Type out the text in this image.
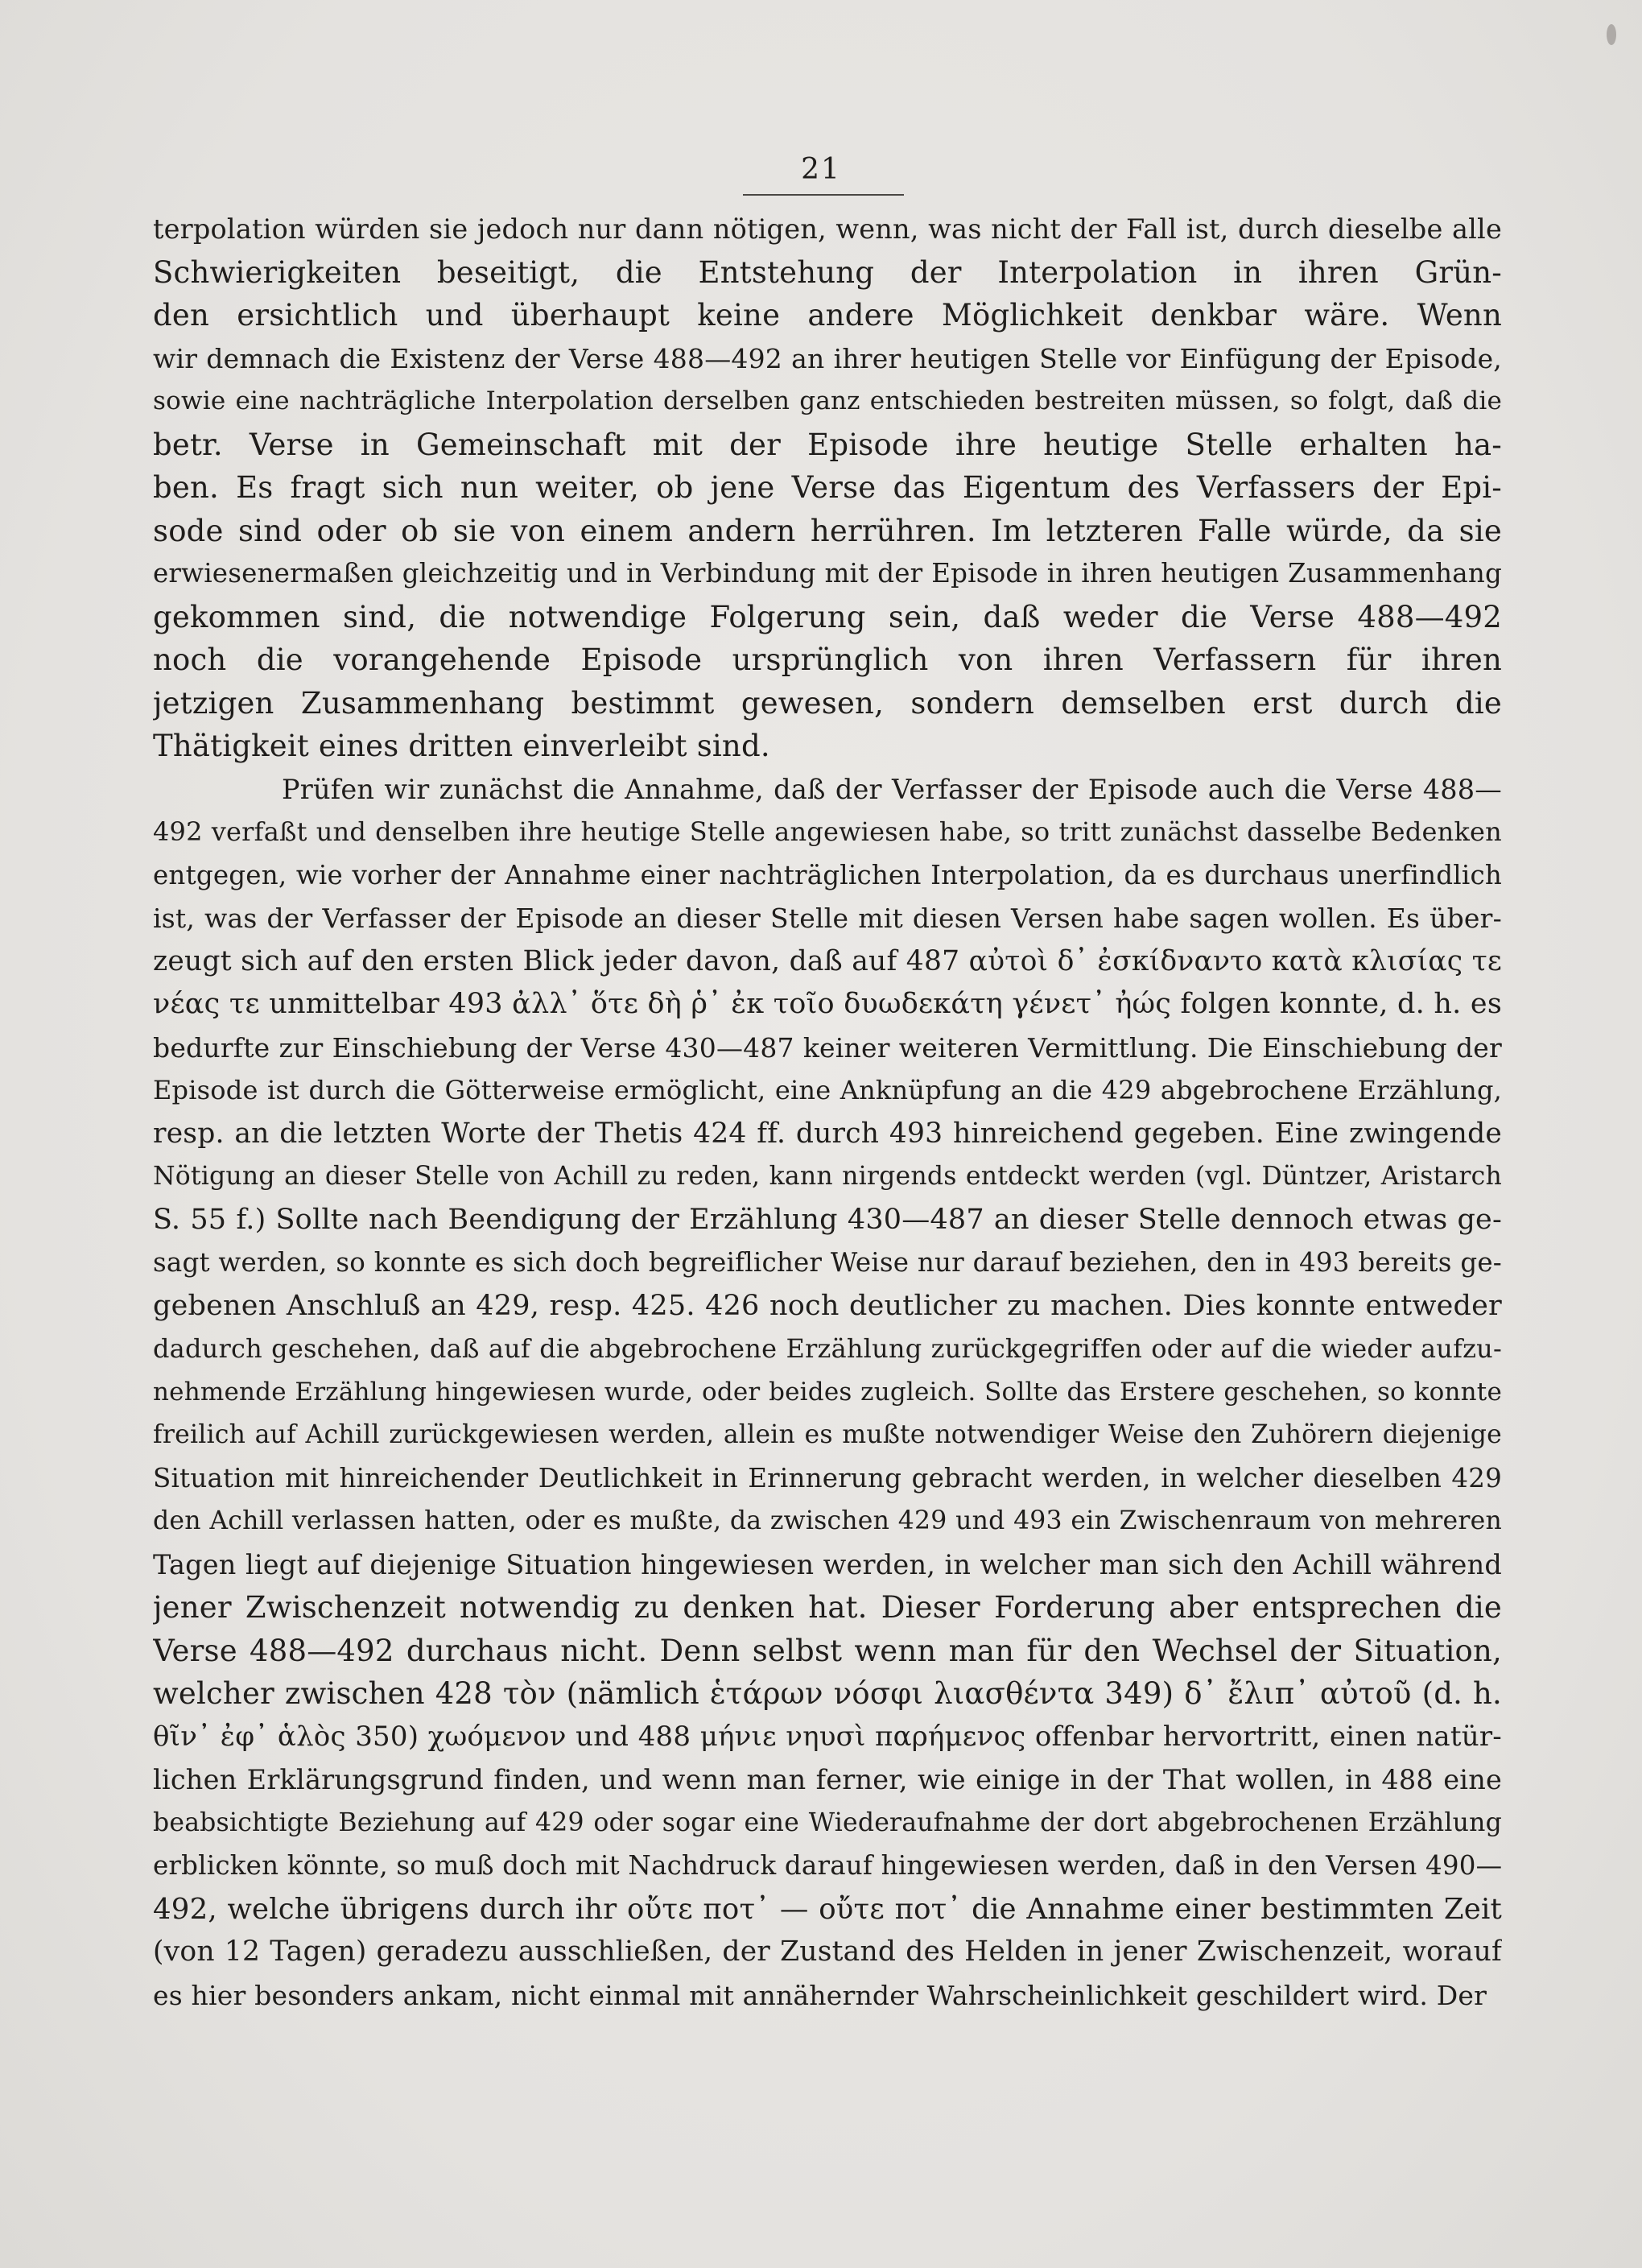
21
terpolation würden sie jedoch nur dann nötigen, wenn, was nicht der Fall ist, durch dieselbe alle
Schwierigkeiten beseitigt, die Entstehung der Interpolation in ihren Grün-
den ersichtlich und überhaupt keine andere Möglichkeit denkbar wäre. Wenn
wir demnach die Existenz der Verse 488—492 an ihrer heutigen Stelle vor Einfügung der Episode,
sowie eine nachträgliche Interpolation derselben ganz entschieden bestreiten müssen, so folgt, daß die
betr. Verse in Gemeinschaft mit der Episode ihre heutige Stelle erhalten ha-
ben. Es fragt sich nun weiter, ob jene Verse das Eigentum des Verfassers der Epi-
sode sind oder ob sie von einem andern herrühren. Im letzteren Falle würde, da sie
erwiesenermaßen gleichzeitig und in Verbindung mit der Episode in ihren heutigen Zusammenhang
gekommen sind, die notwendige Folgerung sein, daß weder die Verse 488—492
noch die vorangehende Episode ursprünglich von ihren Verfassern für ihren
jetzigen Zusammenhang bestimmt gewesen, sondern demselben erst durch die
Thätigkeit eines dritten einverleibt sind.
Prüfen wir zunächst die Annahme, daß der Verfasser der Episode auch die Verse 488—
492 verfaßt und denselben ihre heutige Stelle angewiesen habe, so tritt zunächst dasselbe Bedenken
entgegen, wie vorher der Annahme einer nachträglichen Interpolation, da es durchaus unerfindlich
ist, was der Verfasser der Episode an dieser Stelle mit diesen Versen habe sagen wollen. Es über-
zeugt sich auf den ersten Blick jeder davon, daß auf 487 αὐτοὶ δ᾽ ἐσκίδναντο κατὰ κλισίας τε
νέας τε unmittelbar 493 ἀλλ᾽ ὅτε δὴ ῥ᾽ ἐκ τοῖο δυωδεκάτη γένετ᾽ ἠώς folgen konnte, d. h. es
bedurfte zur Einschiebung der Verse 430—487 keiner weiteren Vermittlung. Die Einschiebung der
Episode ist durch die Götterweise ermöglicht, eine Anknüpfung an die 429 abgebrochene Erzählung,
resp. an die letzten Worte der Thetis 424 ff. durch 493 hinreichend gegeben. Eine zwingende
Nötigung an dieser Stelle von Achill zu reden, kann nirgends entdeckt werden (vgl. Düntzer, Aristarch
S. 55 f.) Sollte nach Beendigung der Erzählung 430—487 an dieser Stelle dennoch etwas ge-
sagt werden, so konnte es sich doch begreiflicher Weise nur darauf beziehen, den in 493 bereits ge-
gebenen Anschluß an 429, resp. 425. 426 noch deutlicher zu machen. Dies konnte entweder
dadurch geschehen, daß auf die abgebrochene Erzählung zurückgegriffen oder auf die wieder aufzu-
nehmende Erzählung hingewiesen wurde, oder beides zugleich. Sollte das Erstere geschehen, so konnte
freilich auf Achill zurückgewiesen werden, allein es mußte notwendiger Weise den Zuhörern diejenige
Situation mit hinreichender Deutlichkeit in Erinnerung gebracht werden, in welcher dieselben 429
den Achill verlassen hatten, oder es mußte, da zwischen 429 und 493 ein Zwischenraum von mehreren
Tagen liegt auf diejenige Situation hingewiesen werden, in welcher man sich den Achill während
jener Zwischenzeit notwendig zu denken hat. Dieser Forderung aber entsprechen die
Verse 488—492 durchaus nicht. Denn selbst wenn man für den Wechsel der Situation,
welcher zwischen 428 τὸν (nämlich ἑτάρων νόσφι λιασθέντα 349) δ᾽ ἔλιπ᾽ αὐτοῦ (d. h.
θῖν᾽ ἐφ᾽ ἁλὸς 350) χωόμενον und 488 μήνιε νηυσὶ παρήμενος offenbar hervortritt, einen natür-
lichen Erklärungsgrund finden, und wenn man ferner, wie einige in der That wollen, in 488 eine
beabsichtigte Beziehung auf 429 oder sogar eine Wiederaufnahme der dort abgebrochenen Erzählung
erblicken könnte, so muß doch mit Nachdruck darauf hingewiesen werden, daß in den Versen 490—
492, welche übrigens durch ihr οὔτε ποτ᾽ — οὔτε ποτ᾽ die Annahme einer bestimmten Zeit
(von 12 Tagen) geradezu ausschließen, der Zustand des Helden in jener Zwischenzeit, worauf
es hier besonders ankam, nicht einmal mit annähernder Wahrscheinlichkeit geschildert wird. Der
